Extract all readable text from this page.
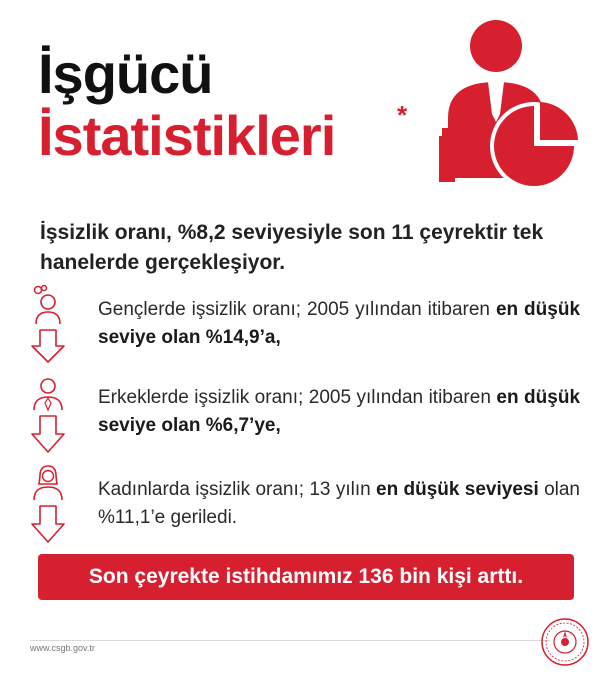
İşgücü
İstatistikleri *
İşsizlik oranı, %8,2 seviyesiyle son 11 çeyrektir tek hanelerde gerçekleşiyor.
Gençlerde işsizlik oranı; 2005 yılından itibaren en düşük seviye olan %14,9’a,
Erkeklerde işsizlik oranı; 2005 yılından itibaren en düşük seviye olan %6,7’ye,
Kadınlarda işsizlik oranı; 13 yılın en düşük seviyesi olan %11,1’e geriledi.
Son çeyrekte istihdamımız 136 bin kişi arttı.
www.csgb.gov.tr
